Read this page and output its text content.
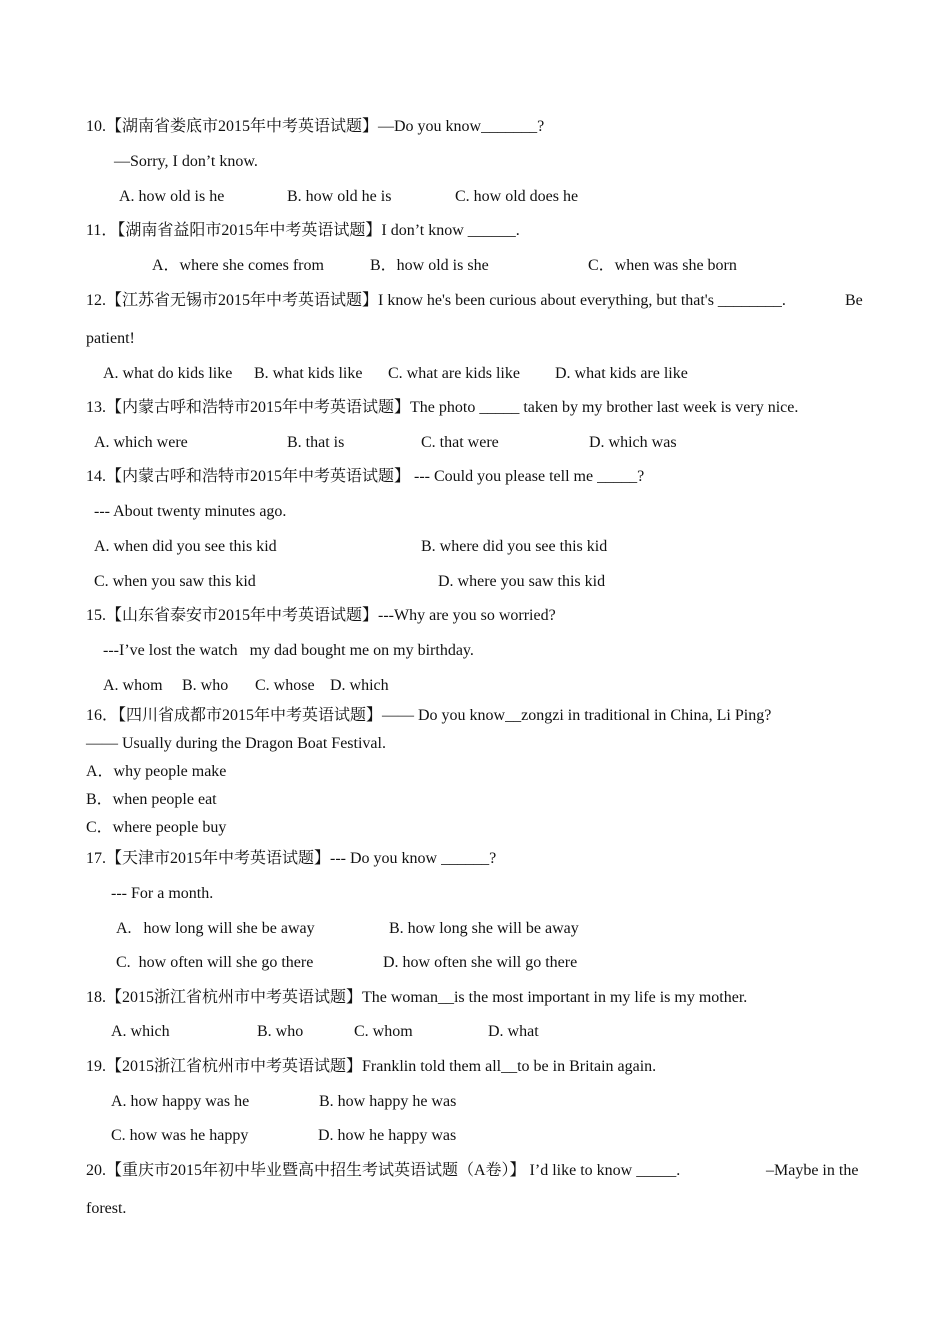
10.【湖南省娄底市2015年中考英语试题】—Do you know_______?
—Sorry, I don’t know.
A. how old is he	B. how old he is	C. how old does he
11．【湖南省益阳市2015年中考英语试题】I don’t know ______.
A．where she comes from	B．how old is she	C．when was she born
12.【江苏省无锡市2015年中考英语试题】I know he's been curious about everything, but that's ________.	Be
patient!
A. what do kids like B. what kids like C. what are kids like D. what kids are like
13.【内蒙古呼和浩特市2015年中考英语试题】The photo _____ taken by my brother last week is very nice.
A. which were	B. that is	C. that were	D. which was
14.【内蒙古呼和浩特市2015年中考英语试题】 --- Could you please tell me _____?
--- About twenty minutes ago.
A. when did you see this kid	B. where did you see this kid
C. when you saw this kid	D. where you saw this kid
15.【山东省泰安市2015年中考英语试题】---Why are you so worried?
---I’ve lost the watch   my dad bought me on my birthday.
A. whom B. who C. whose D. which
16．【四川省成都市2015年中考英语试题】—— Do you know__zongzi in traditional in China, Li Ping?
—— Usually during the Dragon Boat Festival.
A．why people make
B．when people eat
C．where people buy
17.【天津市2015年中考英语试题】--- Do you know ______?
--- For a month.
A.   how long will she be away	B. how long she will be away
C.  how often will she go there	D. how often she will go there
18.【2015浙江省杭州市中考英语试题】The woman__is the most important in my life is my mother.
A. which	B. who	C. whom	D. what
19.【2015浙江省杭州市中考英语试题】Franklin told them all__to be in Britain again.
A. how happy was he	B. how happy he was
C. how was he happy	D. how he happy was
20.【重庆市2015年初中毕业暨高中招生考试英语试题（A卷）】 I’d like to know _____.	–Maybe in the
forest.
